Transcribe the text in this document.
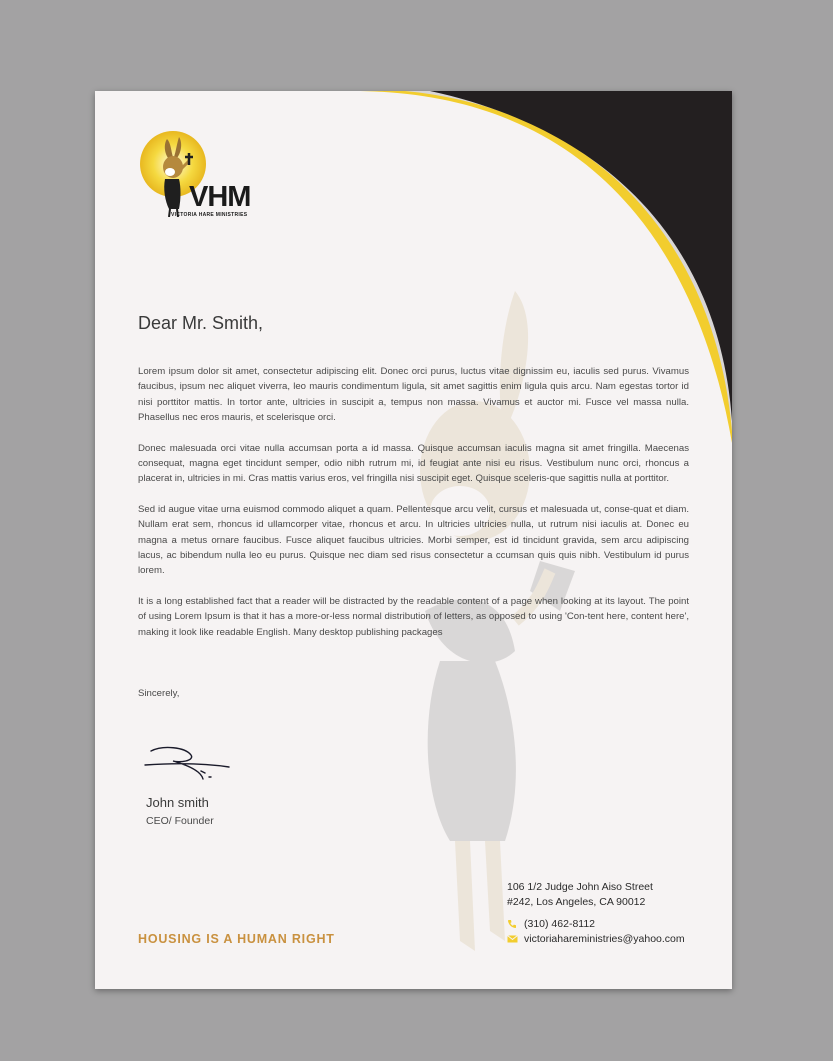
VHM
VICTORIA HARE MINISTRIES
Dear Mr. Smith,

Lorem ipsum dolor sit amet, consectetur adipiscing elit. Donec orci purus, luctus vitae dignissim eu, iaculis sed purus. Vivamus faucibus, ipsum nec aliquet viverra, leo mauris condimentum ligula, sit amet sagittis enim ligula quis arcu. Nam egestas tortor id nisi porttitor mattis. In tortor ante, ultricies in suscipit a, tempus non massa. Vivamus et auctor mi. Fusce vel massa nulla. Phasellus nec eros mauris, et scelerisque orci.

Donec malesuada orci vitae nulla accumsan porta a id massa. Quisque accumsan iaculis magna sit amet fringilla. Maecenas consequat, magna eget tincidunt semper, odio nibh rutrum mi, id feugiat ante nisi eu risus. Vestibulum nunc orci, rhoncus a placerat in, ultricies in mi. Cras mattis varius eros, vel fringilla nisi suscipit eget. Quisque sceleris-que sagittis nulla at porttitor.

Sed id augue vitae urna euismod commodo aliquet a quam. Pellentesque arcu velit, cursus et malesuada ut, conse-quat et diam. Nullam erat sem, rhoncus id ullamcorper vitae, rhoncus et arcu. In ultricies ultricies nulla, ut rutrum nisi iaculis at. Donec eu magna a metus ornare faucibus. Fusce aliquet faucibus ultricies. Morbi semper, est id tincidunt gravida, sem arcu adipiscing lacus, ac bibendum nulla leo eu purus. Quisque nec diam sed risus consectetur a ccumsan quis quis nibh. Vestibulum id purus lorem.

It is a long established fact that a reader will be distracted by the readable content of a page when looking at its layout. The point of using Lorem Ipsum is that it has a more-or-less normal distribution of letters, as opposed to using 'Con-tent here, content here', making it look like readable English. Many desktop publishing packages

Sincerely,
John smith
CEO/ Founder
HOUSING IS A HUMAN RIGHT
106 1/2 Judge John Aiso Street
#242, Los Angeles, CA 90012
(310) 462-8112
victoriahareministries@yahoo.com
